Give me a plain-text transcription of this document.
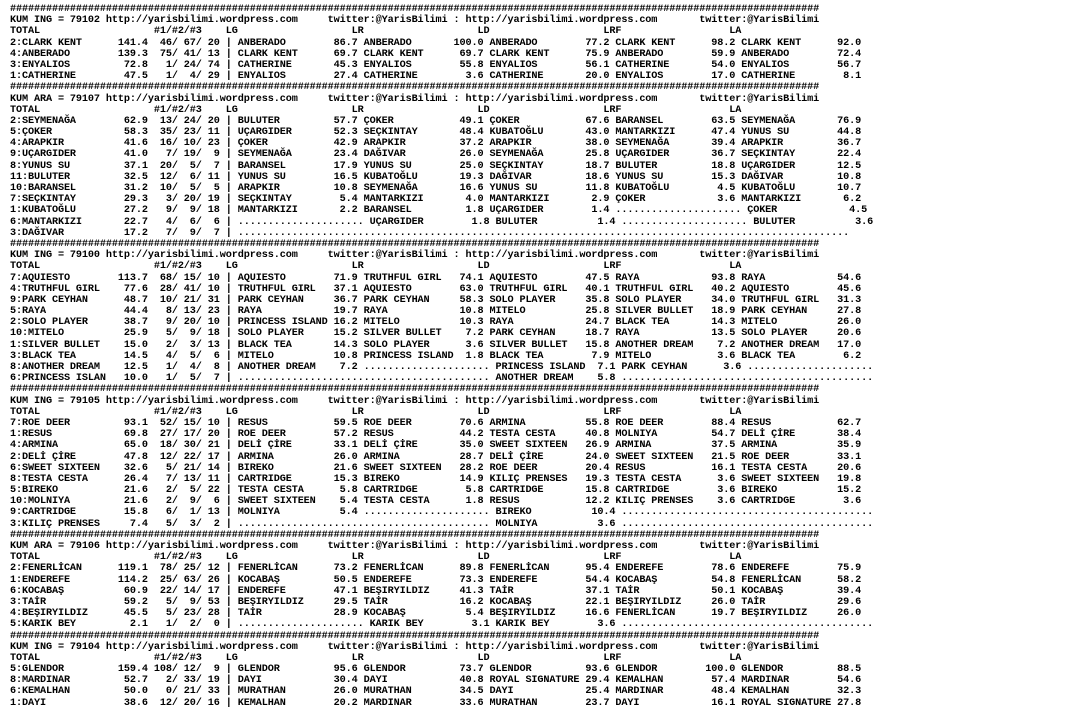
#######################################################################################################################################
KUM ING = 79102 http://yarisbilimi.wordpress.com     twitter:@YarisBilimi : http://yarisbilimi.wordpress.com       twitter:@YarisBilimi
TOTAL                   #1/#2/#3    LG                   LR                   LD                   LRF                  LA
2:CLARK KENT      141.4  46/ 67/ 20 | ANBERADO        86.7 ANBERADO       100.0 ANBERADO        77.2 CLARK KENT      98.2 CLARK KENT      92.0
4:ANBERADO        139.3  75/ 41/ 13 | CLARK KENT      69.7 CLARK KENT      69.7 CLARK KENT      75.9 ANBERADO        59.9 ANBERADO        72.4
3:ENYALIOS         72.8   1/ 24/ 74 | CATHERINE       45.3 ENYALIOS        55.8 ENYALIOS        56.1 CATHERINE       54.0 ENYALIOS        56.7
1:CATHERINE        47.5   1/  4/ 29 | ENYALIOS        27.4 CATHERINE        3.6 CATHERINE       20.0 ENYALIOS        17.0 CATHERINE        8.1
#######################################################################################################################################
KUM ARA = 79107 http://yarisbilimi.wordpress.com     twitter:@YarisBilimi : http://yarisbilimi.wordpress.com       twitter:@YarisBilimi
TOTAL                   #1/#2/#3    LG                   LR                   LD                   LRF                  LA
2:SEYMENAĞA        62.9  13/ 24/ 20 | BULUTER         57.7 ÇOKER           49.1 ÇOKER           67.6 BARANSEL        63.5 SEYMENAĞA       76.9
5:ÇOKER            58.3  35/ 23/ 11 | UÇARGIDER       52.3 SEÇKINTAY       48.4 KUBATOĞLU       43.0 MANTARKIZI      47.4 YUNUS SU        44.8
4:ARAPKIR          41.6  16/ 10/ 23 | ÇOKER           42.9 ARAPKIR         37.2 ARAPKIR         38.0 SEYMENAĞA       39.4 ARAPKIR         36.7
9:UÇARGIDER        41.0   7/ 19/  9 | SEYMENAĞA       23.4 DAĞIVAR         26.0 SEYMENAĞA       25.8 UÇARGIDER       36.7 SEÇKINTAY       22.4
8:YUNUS SU         37.1  20/  5/  7 | BARANSEL        17.9 YUNUS SU        25.0 SEÇKINTAY       18.7 BULUTER         18.8 UÇARGIDER       12.5
11:BULUTER         32.5  12/  6/ 11 | YUNUS SU        16.5 KUBATOĞLU       19.3 DAĞIVAR         18.6 YUNUS SU        15.3 DAĞIVAR         10.8
10:BARANSEL        31.2  10/  5/  5 | ARAPKIR         10.8 SEYMENAĞA       16.6 YUNUS SU        11.8 KUBATOĞLU        4.5 KUBATOĞLU       10.7
7:SEÇKINTAY        29.3   3/ 20/ 19 | SEÇKINTAY        5.4 MANTARKIZI       4.0 MANTARKIZI       2.9 ÇOKER            3.6 MANTARKIZI       6.2
1:KUBATOĞLU        27.2   9/  9/ 18 | MANTARKIZI       2.2 BARANSEL         1.8 UÇARGIDER        1.4 ..................... ÇOKER            4.5
6:MANTARKIZI       22.7   4/  6/  6 | ..................... UÇARGIDER        1.8 BULUTER          1.4 ..................... BULUTER          3.6
3:DAĞIVAR          17.2   7/  9/  7 | ......................................................................................................
#######################################################################################################################################
KUM ING = 79100 http://yarisbilimi.wordpress.com     twitter:@YarisBilimi : http://yarisbilimi.wordpress.com       twitter:@YarisBilimi
TOTAL                   #1/#2/#3    LG                   LR                   LD                   LRF                  LA
7:AQUIESTO        113.7  68/ 15/ 10 | AQUIESTO        71.9 TRUTHFUL GIRL   74.1 AQUIESTO        47.5 RAYA            93.8 RAYA            54.6
4:TRUTHFUL GIRL    77.6  28/ 41/ 10 | TRUTHFUL GIRL   37.1 AQUIESTO        63.0 TRUTHFUL GIRL   40.1 TRUTHFUL GIRL   40.2 AQUIESTO        45.6
9:PARK CEYHAN      48.7  10/ 21/ 31 | PARK CEYHAN     36.7 PARK CEYHAN     58.3 SOLO PLAYER     35.8 SOLO PLAYER     34.0 TRUTHFUL GIRL   31.3
5:RAYA             44.4   8/ 13/ 23 | RAYA            19.7 RAYA            10.8 MITELO          25.8 SILVER BULLET   18.9 PARK CEYHAN     27.8
2:SOLO PLAYER      38.7   9/ 20/ 10 | PRINCESS ISLAND 16.2 MITELO          10.3 RAYA            24.7 BLACK TEA       14.3 MITELO          26.0
10:MITELO          25.9   5/  9/ 18 | SOLO PLAYER     15.2 SILVER BULLET    7.2 PARK CEYHAN     18.7 RAYA            13.5 SOLO PLAYER     20.6
1:SILVER BULLET    15.0   2/  3/ 13 | BLACK TEA       14.3 SOLO PLAYER      3.6 SILVER BULLET   15.8 ANOTHER DREAM    7.2 ANOTHER DREAM   17.0
3:BLACK TEA        14.5   4/  5/  6 | MITELO          10.8 PRINCESS ISLAND  1.8 BLACK TEA        7.9 MITELO           3.6 BLACK TEA        6.2
8:ANOTHER DREAM    12.5   1/  4/  8 | ANOTHER DREAM    7.2 ..................... PRINCESS ISLAND  7.1 PARK CEYHAN      3.6 .....................
6:PRINCESS ISLAN   10.0   1/  5/  7 | .......................................... ANOTHER DREAM    5.8 ..........................................
#######################################################################################################################################
KUM ING = 79105 http://yarisbilimi.wordpress.com     twitter:@YarisBilimi : http://yarisbilimi.wordpress.com       twitter:@YarisBilimi
TOTAL                   #1/#2/#3    LG                   LR                   LD                   LRF                  LA
7:ROE DEER         93.1  52/ 15/ 10 | RESUS           59.5 ROE DEER        70.6 ARMINA          55.8 ROE DEER        88.4 RESUS           62.7
1:RESUS            69.8  27/ 17/ 20 | ROE DEER        57.2 RESUS           44.2 TESTA CESTA     40.8 MOLNIYA         54.7 DELİ ÇİRE       38.4
4:ARMINA           65.0  18/ 30/ 21 | DELİ ÇİRE       33.1 DELİ ÇİRE       35.0 SWEET SIXTEEN   26.9 ARMINA          37.5 ARMINA          35.9
2:DELİ ÇİRE        47.8  12/ 22/ 17 | ARMINA          26.0 ARMINA          28.7 DELİ ÇİRE       24.0 SWEET SIXTEEN   21.5 ROE DEER        33.1
6:SWEET SIXTEEN    32.6   5/ 21/ 14 | BIREKO          21.6 SWEET SIXTEEN   28.2 ROE DEER        20.4 RESUS           16.1 TESTA CESTA     20.6
8:TESTA CESTA      26.4   7/ 13/ 11 | CARTRIDGE       15.3 BIREKO          14.9 KILIÇ PRENSES   19.3 TESTA CESTA      3.6 SWEET SIXTEEN   19.8
5:BIREKO           21.6   2/  5/ 22 | TESTA CESTA      5.8 CARTRIDGE        5.8 CARTRIDGE       15.8 CARTRIDGE        3.6 BIREKO          15.2
10:MOLNIYA         21.6   2/  9/  6 | SWEET SIXTEEN    5.4 TESTA CESTA      1.8 RESUS           12.2 KILIÇ PRENSES    3.6 CARTRIDGE        3.6
9:CARTRIDGE        15.8   6/  1/ 13 | MOLNIYA          5.4 ..................... BIREKO          10.4 ..........................................
3:KILIÇ PRENSES     7.4   5/  3/  2 | .......................................... MOLNIYA          3.6 ..........................................
#######################################################################################################################################
KUM ARA = 79106 http://yarisbilimi.wordpress.com     twitter:@YarisBilimi : http://yarisbilimi.wordpress.com       twitter:@YarisBilimi
TOTAL                   #1/#2/#3    LG                   LR                   LD                   LRF                  LA
2:FENERLİCAN      119.1  78/ 25/ 12 | FENERLİCAN      73.2 FENERLİCAN      89.8 FENERLİCAN      95.4 ENDEREFE        78.6 ENDEREFE        75.9
1:ENDEREFE        114.2  25/ 63/ 26 | KOCABAŞ         50.5 ENDEREFE        73.3 ENDEREFE        54.4 KOCABAŞ         54.8 FENERLİCAN      58.2
6:KOCABAŞ          60.9  22/ 14/ 17 | ENDEREFE        47.1 BEŞIRYILDIZ     41.3 TAİR            37.1 TAİR            50.1 KOCABAŞ         39.4
3:TAİR             59.2   5/  9/ 53 | BEŞIRYILDIZ     29.5 TAİR            16.2 KOCABAŞ         22.1 BEŞIRYILDIZ     26.0 TAİR            29.6
4:BEŞIRYILDIZ      45.5   5/ 23/ 28 | TAİR            28.9 KOCABAŞ          5.4 BEŞIRYILDIZ     16.6 FENERLİCAN      19.7 BEŞIRYILDIZ     26.0
5:KARIK BEY         2.1   1/  2/  0 | ..................... KARIK BEY        3.1 KARIK BEY        3.6 ..........................................
#######################################################################################################################################
KUM ING = 79104 http://yarisbilimi.wordpress.com     twitter:@YarisBilimi : http://yarisbilimi.wordpress.com       twitter:@YarisBilimi
TOTAL                   #1/#2/#3    LG                   LR                   LD                   LRF                  LA
5:GLENDOR         159.4 108/ 12/  9 | GLENDOR         95.6 GLENDOR         73.7 GLENDOR         93.6 GLENDOR        100.0 GLENDOR         88.5
8:MARDINAR         52.7   2/ 33/ 19 | DAYI            30.4 DAYI            40.8 ROYAL SIGNATURE 29.4 KEMALHAN        57.4 MARDINAR        54.6
6:KEMALHAN         50.0   0/ 21/ 33 | MURATHAN        26.0 MURATHAN        34.5 DAYI            25.4 MARDINAR        48.4 KEMALHAN        32.3
1:DAYI             38.6  12/ 20/ 16 | KEMALHAN        20.2 MARDINAR        33.6 MURATHAN        23.7 DAYI            16.1 ROYAL SIGNATURE 27.8
